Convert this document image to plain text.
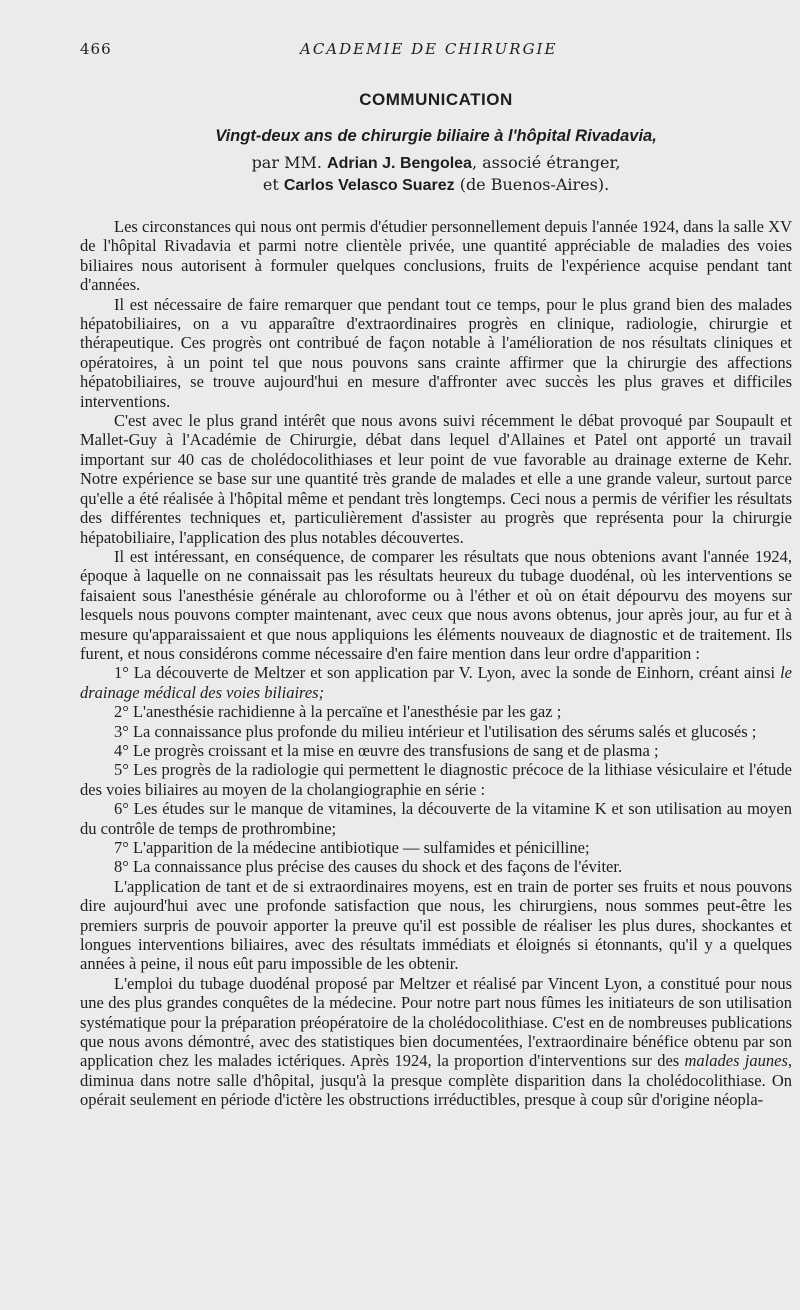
466	ACADEMIE DE CHIRURGIE
COMMUNICATION
Vingt-deux ans de chirurgie biliaire à l'hôpital Rivadavia,
par MM. Adrian J. Bengolea, associé étranger,
et Carlos Velasco Suarez (de Buenos-Aires).

Les circonstances qui nous ont permis d'étudier personnellement depuis l'année 1924, dans la salle XV de l'hôpital Rivadavia et parmi notre clientèle privée, une quantité appréciable de maladies des voies biliaires nous autorisent à formuler quelques conclusions, fruits de l'expérience acquise pendant tant d'années.

Il est nécessaire de faire remarquer que pendant tout ce temps, pour le plus grand bien des malades hépatobiliaires, on a vu apparaître d'extraordinaires progrès en clinique, radiologie, chirurgie et thérapeutique. Ces progrès ont contribué de façon notable à l'amélioration de nos résultats cliniques et opératoires, à un point tel que nous pouvons sans crainte affirmer que la chirurgie des affections hépatobiliaires, se trouve aujourd'hui en mesure d'affronter avec succès les plus graves et difficiles interventions.

C'est avec le plus grand intérêt que nous avons suivi récemment le débat provoqué par Soupault et Mallet-Guy à l'Académie de Chirurgie, débat dans lequel d'Allaines et Patel ont apporté un travail important sur 40 cas de cholédocolithiases et leur point de vue favorable au drainage externe de Kehr. Notre expérience se base sur une quantité très grande de malades et elle a une grande valeur, surtout parce qu'elle a été réalisée à l'hôpital même et pendant très longtemps. Ceci nous a permis de vérifier les résultats des différentes techniques et, particulièrement d'assister au progrès que représenta pour la chirurgie hépatobiliaire, l'application des plus notables découvertes.

Il est intéressant, en conséquence, de comparer les résultats que nous obtenions avant l'année 1924, époque à laquelle on ne connaissait pas les résultats heureux du tubage duodénal, où les interventions se faisaient sous l'anesthésie générale au chloroforme ou à l'éther et où on était dépourvu des moyens sur lesquels nous pouvons compter maintenant, avec ceux que nous avons obtenus, jour après jour, au fur et à mesure qu'apparaissaient et que nous appliquions les éléments nouveaux de diagnostic et de traitement. Ils furent, et nous considérons comme nécessaire d'en faire mention dans leur ordre d'apparition :

1° La découverte de Meltzer et son application par V. Lyon, avec la sonde de Einhorn, créant ainsi le drainage médical des voies biliaires;

2° L'anesthésie rachidienne à la percaïne et l'anesthésie par les gaz ;

3° La connaissance plus profonde du milieu intérieur et l'utilisation des sérums salés et glucosés ;

4° Le progrès croissant et la mise en œuvre des transfusions de sang et de plasma ;

5° Les progrès de la radiologie qui permettent le diagnostic précoce de la lithiase vésiculaire et l'étude des voies biliaires au moyen de la cholangiographie en série :

6° Les études sur le manque de vitamines, la découverte de la vitamine K et son utilisation au moyen du contrôle de temps de prothrombine;

7° L'apparition de la médecine antibiotique — sulfamides et pénicilline;

8° La connaissance plus précise des causes du shock et des façons de l'éviter.

L'application de tant et de si extraordinaires moyens, est en train de porter ses fruits et nous pouvons dire aujourd'hui avec une profonde satisfaction que nous, les chirurgiens, nous sommes peut-être les premiers surpris de pouvoir apporter la preuve qu'il est possible de réaliser les plus dures, shockantes et longues interventions biliaires, avec des résultats immédiats et éloignés si étonnants, qu'il y a quelques années à peine, il nous eût paru impossible de les obtenir.

L'emploi du tubage duodénal proposé par Meltzer et réalisé par Vincent Lyon, a constitué pour nous une des plus grandes conquêtes de la médecine. Pour notre part nous fûmes les initiateurs de son utilisation systématique pour la préparation préopératoire de la cholédocolithiase. C'est en de nombreuses publications que nous avons démontré, avec des statistiques bien documentées, l'extraordinaire bénéfice obtenu par son application chez les malades ictériques. Après 1924, la proportion d'interventions sur des malades jaunes, diminua dans notre salle d'hôpital, jusqu'à la presque complète disparition dans la cholédocolithiase. On opérait seulement en période d'ictère les obstructions irréductibles, presque à coup sûr d'origine néopla-
